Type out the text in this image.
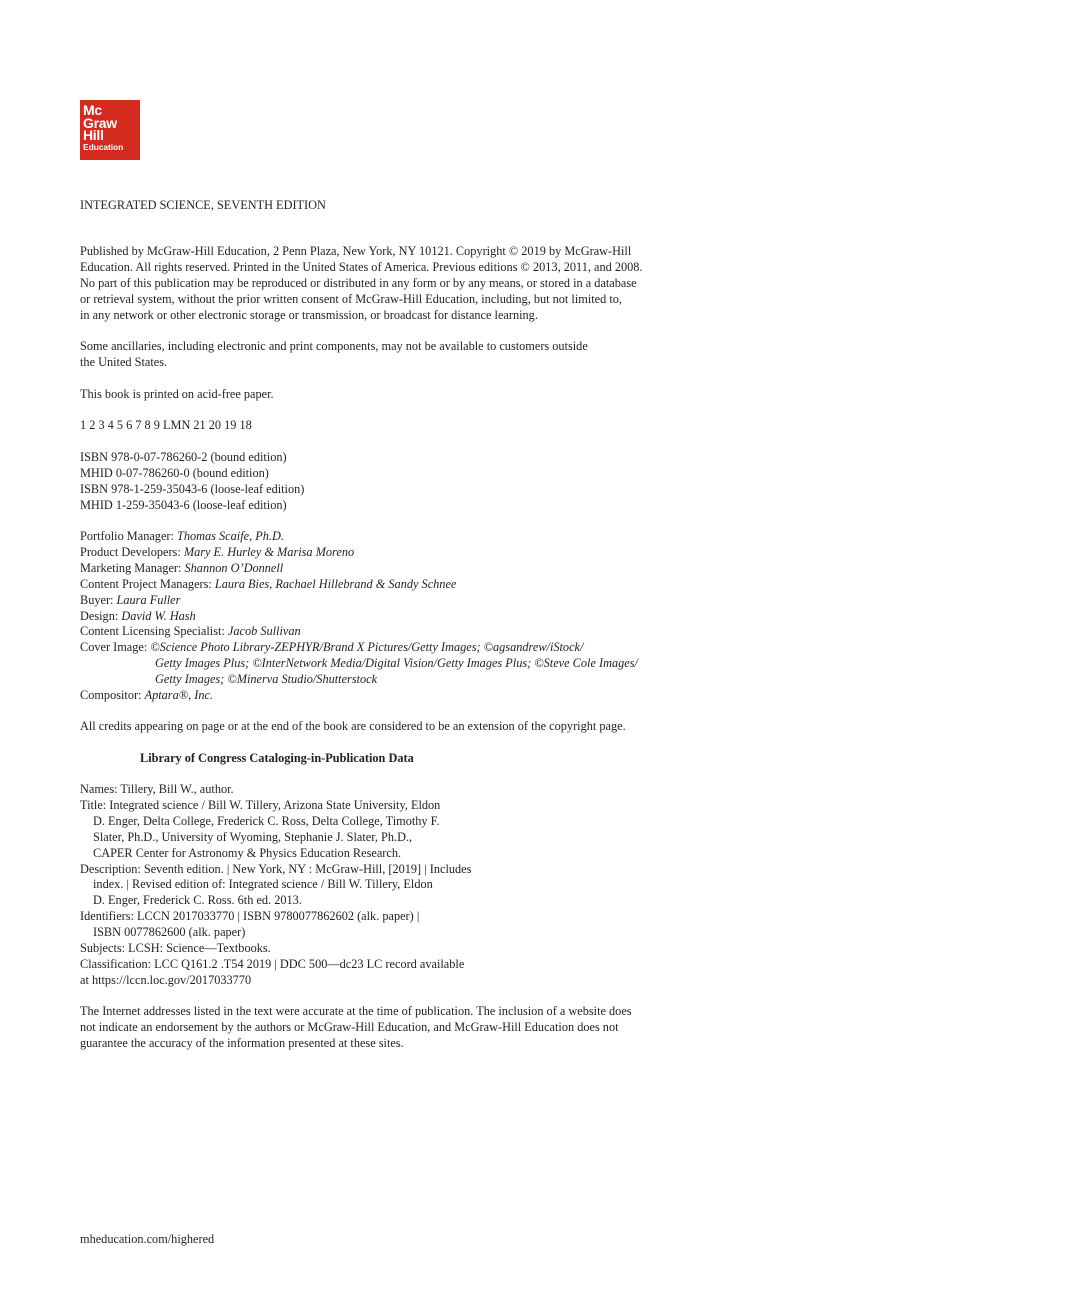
Mc
Graw
Hill
Education
INTEGRATED SCIENCE, SEVENTH EDITION
Published by McGraw-Hill Education, 2 Penn Plaza, New York, NY 10121. Copyright © 2019 by McGraw-Hill
Education. All rights reserved. Printed in the United States of America. Previous editions © 2013, 2011, and 2008.
No part of this publication may be reproduced or distributed in any form or by any means, or stored in a database
or retrieval system, without the prior written consent of McGraw-Hill Education, including, but not limited to,
in any network or other electronic storage or transmission, or broadcast for distance learning.
Some ancillaries, including electronic and print components, may not be available to customers outside
the United States.
This book is printed on acid-free paper.
1 2 3 4 5 6 7 8 9 LMN 21 20 19 18
ISBN 978-0-07-786260-2 (bound edition)
MHID 0-07-786260-0 (bound edition)
ISBN 978-1-259-35043-6 (loose-leaf edition)
MHID 1-259-35043-6 (loose-leaf edition)
Portfolio Manager: Thomas Scaife, Ph.D.
Product Developers: Mary E. Hurley & Marisa Moreno
Marketing Manager: Shannon O’Donnell
Content Project Managers: Laura Bies, Rachael Hillebrand & Sandy Schnee
Buyer: Laura Fuller
Design: David W. Hash
Content Licensing Specialist: Jacob Sullivan
Cover Image: ©Science Photo Library-ZEPHYR/Brand X Pictures/Getty Images; ©agsandrew/iStock/
Getty Images Plus; ©InterNetwork Media/Digital Vision/Getty Images Plus; ©Steve Cole Images/
Getty Images; ©Minerva Studio/Shutterstock
Compositor: Aptara®, Inc.
All credits appearing on page or at the end of the book are considered to be an extension of the copyright page.
Library of Congress Cataloging-in-Publication Data
Names: Tillery, Bill W., author.
Title: Integrated science / Bill W. Tillery, Arizona State University, Eldon
D. Enger, Delta College, Frederick C. Ross, Delta College, Timothy F.
Slater, Ph.D., University of Wyoming, Stephanie J. Slater, Ph.D.,
CAPER Center for Astronomy & Physics Education Research.
Description: Seventh edition. | New York, NY : McGraw-Hill, [2019] | Includes
index. | Revised edition of: Integrated science / Bill W. Tillery, Eldon
D. Enger, Frederick C. Ross. 6th ed. 2013.
Identifiers: LCCN 2017033770 | ISBN 9780077862602 (alk. paper) |
ISBN 0077862600 (alk. paper)
Subjects: LCSH: Science—Textbooks.
Classification: LCC Q161.2 .T54 2019 | DDC 500—dc23 LC record available
at https://lccn.loc.gov/2017033770
The Internet addresses listed in the text were accurate at the time of publication. The inclusion of a website does
not indicate an endorsement by the authors or McGraw-Hill Education, and McGraw-Hill Education does not
guarantee the accuracy of the information presented at these sites.
mheducation.com/highered
